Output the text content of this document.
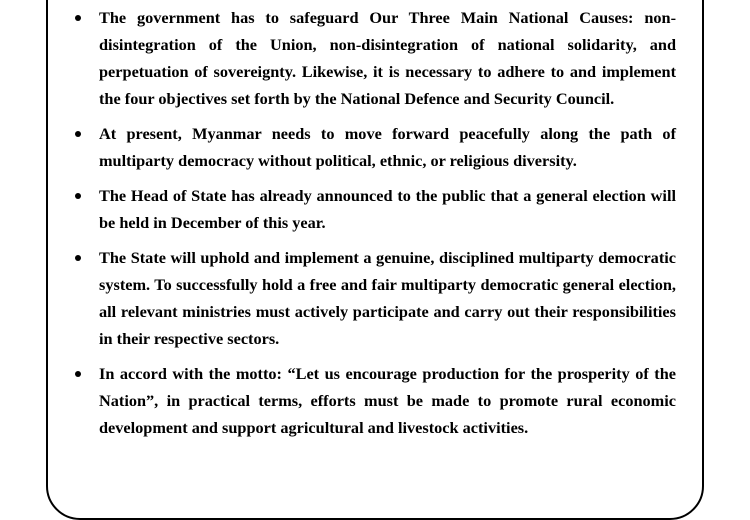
The government has to safeguard Our Three Main National Causes: non-disintegration of the Union, non-disintegration of national solidarity, and perpetuation of sovereignty. Likewise, it is necessary to adhere to and implement the four objectives set forth by the National Defence and Security Council.
At present, Myanmar needs to move forward peacefully along the path of multiparty democracy without political, ethnic, or religious diversity.
The Head of State has already announced to the public that a general election will be held in December of this year.
The State will uphold and implement a genuine, disciplined multiparty democratic system. To successfully hold a free and fair multiparty democratic general election, all relevant ministries must actively participate and carry out their responsibilities in their respective sectors.
In accord with the motto: “Let us encourage production for the prosperity of the Nation”, in practical terms, efforts must be made to promote rural economic development and support agricultural and livestock activities.
